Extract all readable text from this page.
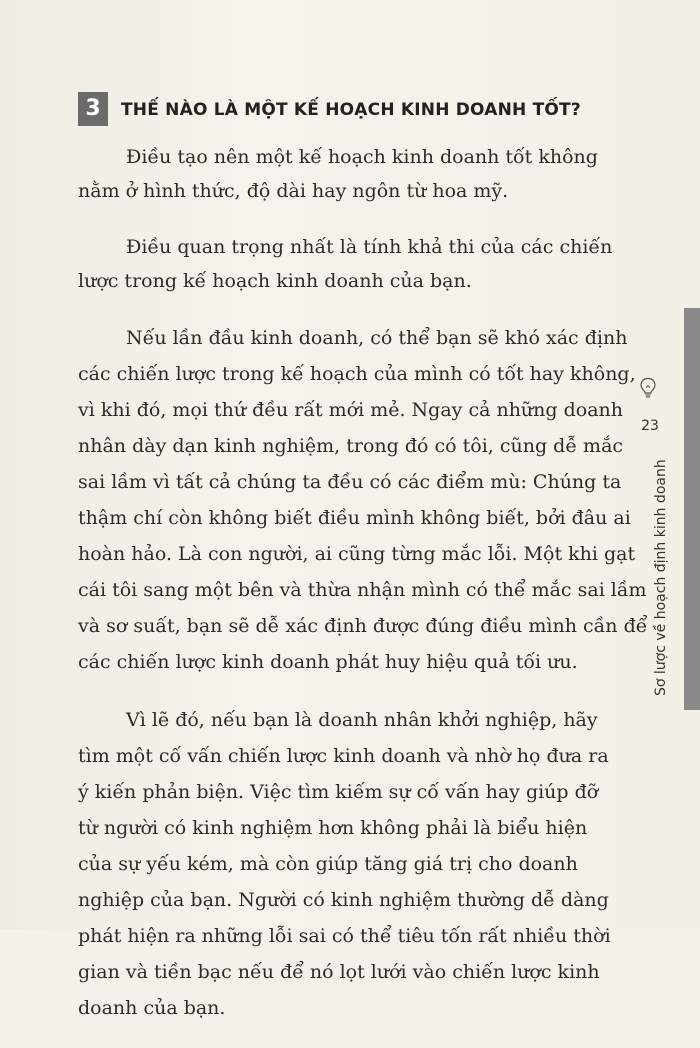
3	THẾ NÀO LÀ MỘT KẾ HOẠCH KINH DOANH TỐT?
Điều tạo nên một kế hoạch kinh doanh tốt không
nằm ở hình thức, độ dài hay ngôn từ hoa mỹ.
Điều quan trọng nhất là tính khả thi của các chiến
lược trong kế hoạch kinh doanh của bạn.
Nếu lần đầu kinh doanh, có thể bạn sẽ khó xác định
các chiến lược trong kế hoạch của mình có tốt hay không,
vì khi đó, mọi thứ đều rất mới mẻ. Ngay cả những doanh
nhân dày dạn kinh nghiệm, trong đó có tôi, cũng dễ mắc
sai lầm vì tất cả chúng ta đều có các điểm mù: Chúng ta
thậm chí còn không biết điều mình không biết, bởi đâu ai
hoàn hảo. Là con người, ai cũng từng mắc lỗi. Một khi gạt
cái tôi sang một bên và thừa nhận mình có thể mắc sai lầm
và sơ suất, bạn sẽ dễ xác định được đúng điều mình cần để
các chiến lược kinh doanh phát huy hiệu quả tối ưu.
Vì lẽ đó, nếu bạn là doanh nhân khởi nghiệp, hãy
tìm một cố vấn chiến lược kinh doanh và nhờ họ đưa ra
ý kiến phản biện. Việc tìm kiếm sự cố vấn hay giúp đỡ
từ người có kinh nghiệm hơn không phải là biểu hiện
của sự yếu kém, mà còn giúp tăng giá trị cho doanh
nghiệp của bạn. Người có kinh nghiệm thường dễ dàng
phát hiện ra những lỗi sai có thể tiêu tốn rất nhiều thời
gian và tiền bạc nếu để nó lọt lưới vào chiến lược kinh
doanh của bạn.
23
Sơ lược về hoạch định kinh doanh
